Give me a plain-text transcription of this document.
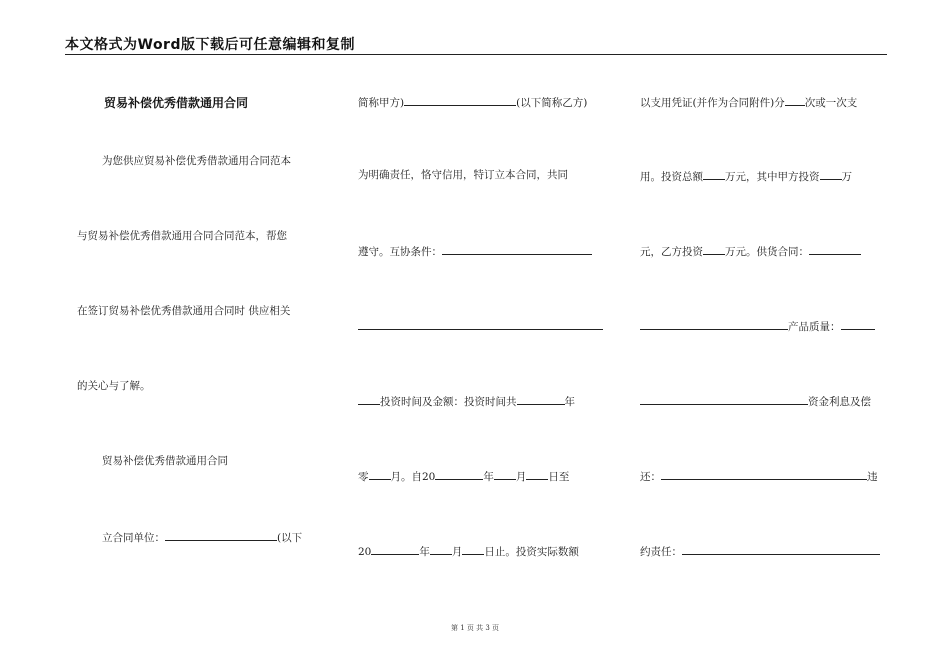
本文格式为Word版下载后可任意编辑和复制
贸易补偿优秀借款通用合同
为您供应贸易补偿优秀借款通用合同范本
与贸易补偿优秀借款通用合同合同范本，帮您
在签订贸易补偿优秀借款通用合同时 供应相关
的关心与了解。
贸易补偿优秀借款通用合同
立合同单位：	(以下
简称甲方)	(以下简称乙方)
为明确责任，恪守信用，特订立本合同，共同
遵守。互协条件：
投资时间及金额：投资时间共	年
零 月。自20	年 月 日至
20	年 月 日止。投资实际数额
以支用凭证(并作为合同附件)分 次或一次支
用。投资总额 万元，其中甲方投资 万
元，乙方投资 万元。供货合同：
产品质量：
资金利息及偿
还：	违
约责任：
第 1 页 共 3 页
